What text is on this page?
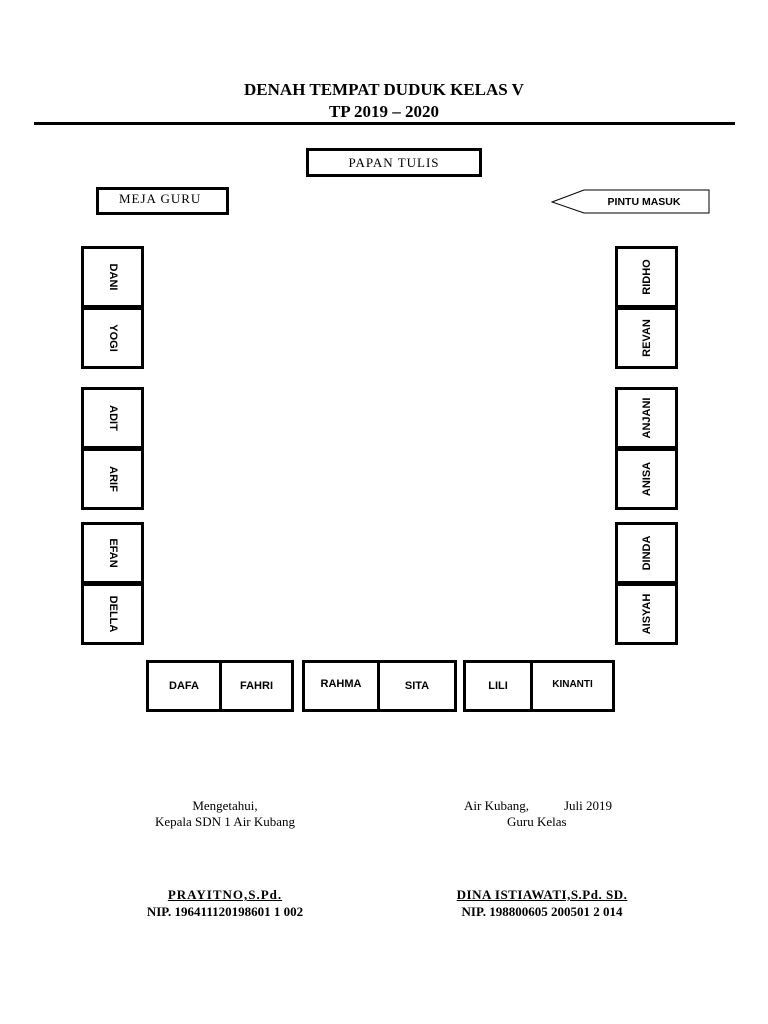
DENAH TEMPAT DUDUK KELAS V
TP 2019 – 2020
PAPAN TULIS
MEJA GURU	PINTU MASUK
DANI
YOGI
ADIT
ARIF
EFAN
DELLA
RIDHO
REVAN
ANJANI
ANISA
DINDA
AISYAH
DAFA	FAHRI	RAHMA	SITA	LILI	KINANTI
Mengetahui,
Kepala SDN 1 Air Kubang
Air Kubang,	Juli 2019
Guru Kelas
PRAYITNO,S.Pd.
NIP. 196411120198601 1 002
DINA ISTIAWATI,S.Pd. SD.
NIP. 198800605 200501 2 014
